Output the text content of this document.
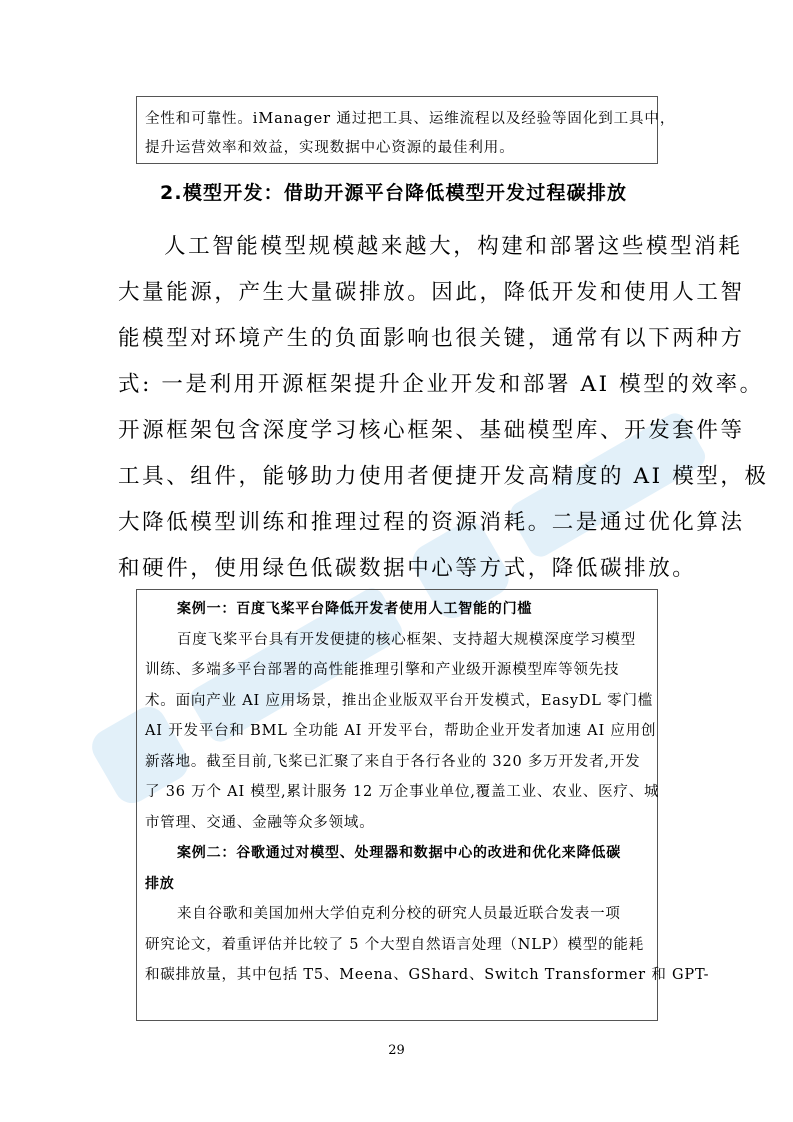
全性和可靠性。iManager 通过把工具、运维流程以及经验等固化到工具中，

提升运营效率和效益，实现数据中心资源的最佳利用。

2.模型开发：借助开源平台降低模型开发过程碳排放
人工智能模型规模越来越大，构建和部署这些模型消耗
大量能源，产生大量碳排放。因此，降低开发和使用人工智
能模型对环境产生的负面影响也很关键，通常有以下两种方
式: 一是利用开源框架提升企业开发和部署 AI 模型的效率。
开源框架包含深度学习核心框架、基础模型库、开发套件等
工具、组件，能够助力使用者便捷开发高精度的 AI 模型，极
大降低模型训练和推理过程的资源消耗。二是通过优化算法
和硬件，使用绿色低碳数据中心等方式，降低碳排放。
案例一：百度飞桨平台降低开发者使用人工智能的门槛
百度飞桨平台具有开发便捷的核心框架、支持超大规模深度学习模型
训练、多端多平台部署的高性能推理引擎和产业级开源模型库等领先技
术。面向产业 AI 应用场景，推出企业版双平台开发模式，EasyDL 零门槛
AI 开发平台和 BML 全功能 AI 开发平台，帮助企业开发者加速 AI 应用创
新落地。截至目前,飞桨已汇聚了来自于各行各业的 320 多万开发者,开发
了 36 万个 AI 模型,累计服务 12 万企事业单位,覆盖工业、农业、医疗、城
市管理、交通、金融等众多领域。
案例二：谷歌通过对模型、处理器和数据中心的改进和优化来降低碳
排放
来自谷歌和美国加州大学伯克利分校的研究人员最近联合发表一项
研究论文，着重评估并比较了 5 个大型自然语言处理（NLP）模型的能耗
和碳排放量，其中包括 T5、Meena、GShard、Switch Transformer 和 GPT-
29
